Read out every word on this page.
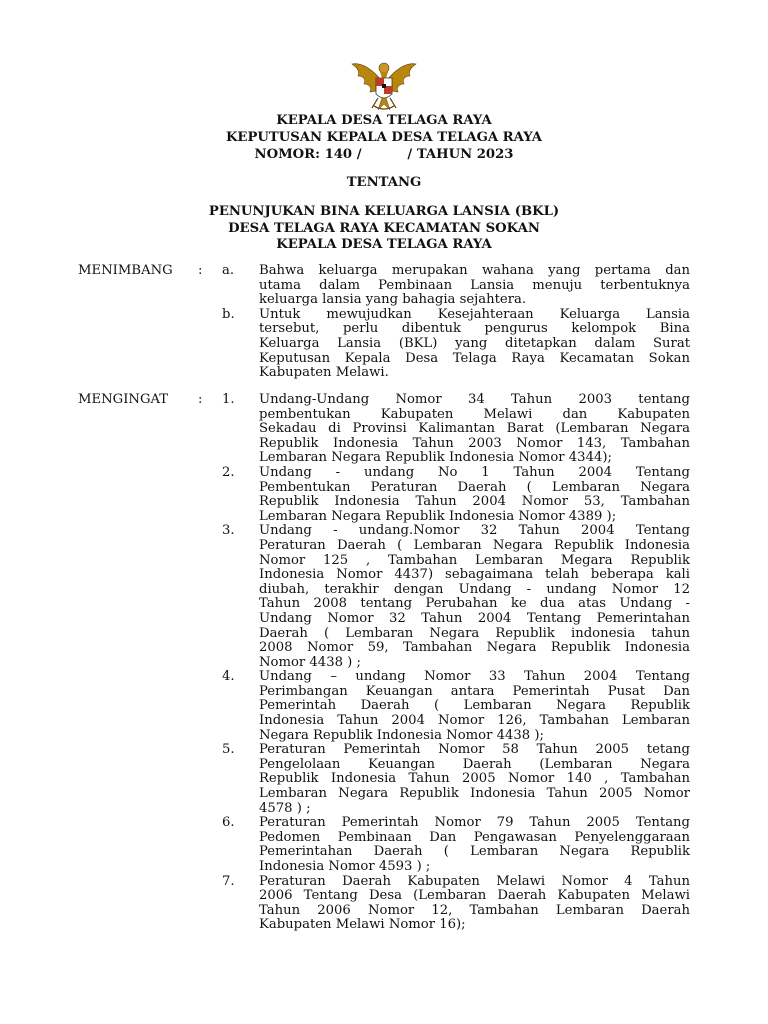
KEPALA DESA TELAGA RAYA
KEPUTUSAN KEPALA DESA TELAGA RAYA
NOMOR: 140 /          / TAHUN 2023
TENTANG
PENUNJUKAN BINA KELUARGA LANSIA (BKL)
DESA TELAGA RAYA KECAMATAN SOKAN
KEPALA DESA TELAGA RAYA
MENIMBANG	: a. Bahwa keluarga merupakan wahana yang pertama dan
utama dalam Pembinaan Lansia menuju terbentuknya
keluarga lansia yang bahagia sejahtera.
b. Untuk mewujudkan Kesejahteraan Keluarga Lansia
tersebut, perlu dibentuk pengurus kelompok Bina
Keluarga Lansia (BKL) yang ditetapkan dalam Surat
Keputusan Kepala Desa Telaga Raya Kecamatan Sokan
Kabupaten Melawi.
MENGINGAT	: 1. Undang-Undang Nomor 34 Tahun 2003 tentang
pembentukan Kabupaten Melawi dan Kabupaten
Sekadau di Provinsi Kalimantan Barat (Lembaran Negara
Republik Indonesia Tahun 2003 Nomor 143, Tambahan
Lembaran Negara Republik Indonesia Nomor 4344);
2. Undang - undang No 1 Tahun 2004 Tentang
Pembentukan Peraturan Daerah ( Lembaran Negara
Republik Indonesia Tahun 2004 Nomor 53, Tambahan
Lembaran Negara Republik Indonesia Nomor 4389 );
3. Undang - undang.Nomor 32 Tahun 2004 Tentang
Peraturan Daerah ( Lembaran Negara Republik Indonesia
Nomor 125 , Tambahan Lembaran Megara Republik
Indonesia Nomor 4437) sebagaimana telah beberapa kali
diubah, terakhir dengan Undang - undang Nomor 12
Tahun 2008 tentang Perubahan ke dua atas Undang -
Undang Nomor 32 Tahun 2004 Tentang Pemerintahan
Daerah ( Lembaran Negara Republik indonesia tahun
2008 Nomor 59, Tambahan Negara Republik Indonesia
Nomor 4438 ) ;
4. Undang – undang Nomor 33 Tahun 2004 Tentang
Perimbangan Keuangan antara Pemerintah Pusat Dan
Pemerintah Daerah ( Lembaran Negara Republik
Indonesia Tahun 2004 Nomor 126, Tambahan Lembaran
Negara Republik Indonesia Nomor 4438 );
5. Peraturan Pemerintah Nomor 58 Tahun 2005 tetang
Pengelolaan Keuangan Daerah (Lembaran Negara
Republik Indonesia Tahun 2005 Nomor 140 , Tambahan
Lembaran Negara Republik Indonesia Tahun 2005 Nomor
4578 ) ;
6. Peraturan Pemerintah Nomor 79 Tahun 2005 Tentang
Pedomen Pembinaan Dan Pengawasan Penyelenggaraan
Pemerintahan Daerah ( Lembaran Negara Republik
Indonesia Nomor 4593 ) ;
7. Peraturan Daerah Kabupaten Melawi Nomor 4 Tahun
2006 Tentang Desa (Lembaran Daerah Kabupaten Melawi
Tahun 2006 Nomor 12, Tambahan Lembaran Daerah
Kabupaten Melawi Nomor 16);
